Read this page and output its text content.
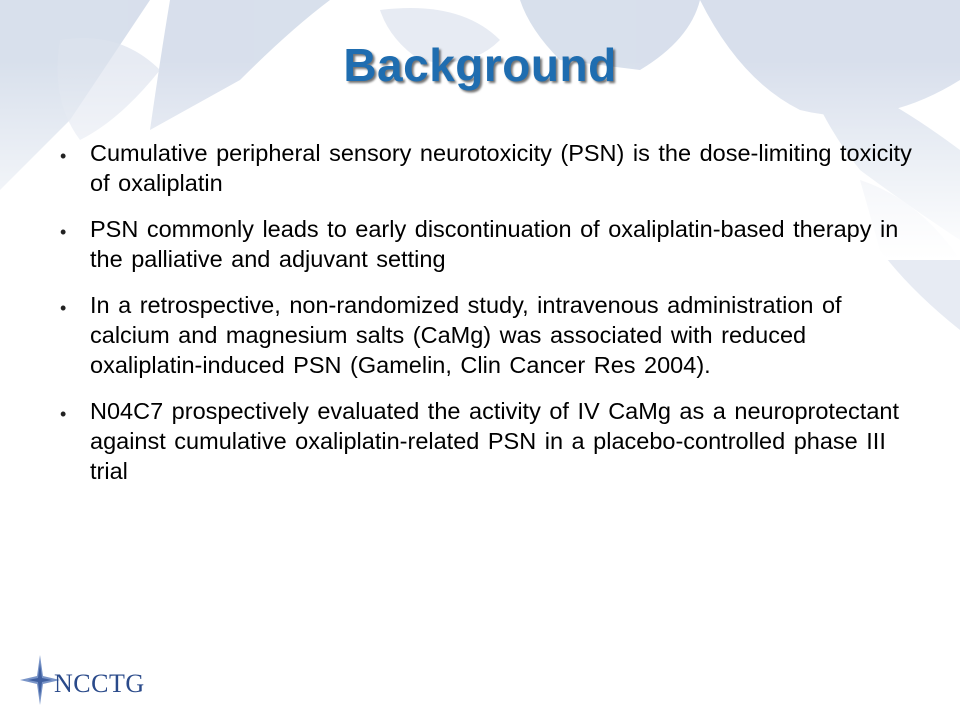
Background
• Cumulative peripheral sensory neurotoxicity (PSN) is the dose-limiting toxicity of oxaliplatin
• PSN commonly leads to early discontinuation of oxaliplatin-based therapy in the palliative and adjuvant setting
• In a retrospective, non-randomized study, intravenous administration of calcium and magnesium salts (CaMg) was associated with reduced oxaliplatin-induced PSN (Gamelin, Clin Cancer Res 2004).
• N04C7 prospectively evaluated the activity of IV CaMg as a neuroprotectant against cumulative oxaliplatin-related PSN in a placebo-controlled phase III trial
NCCTG
